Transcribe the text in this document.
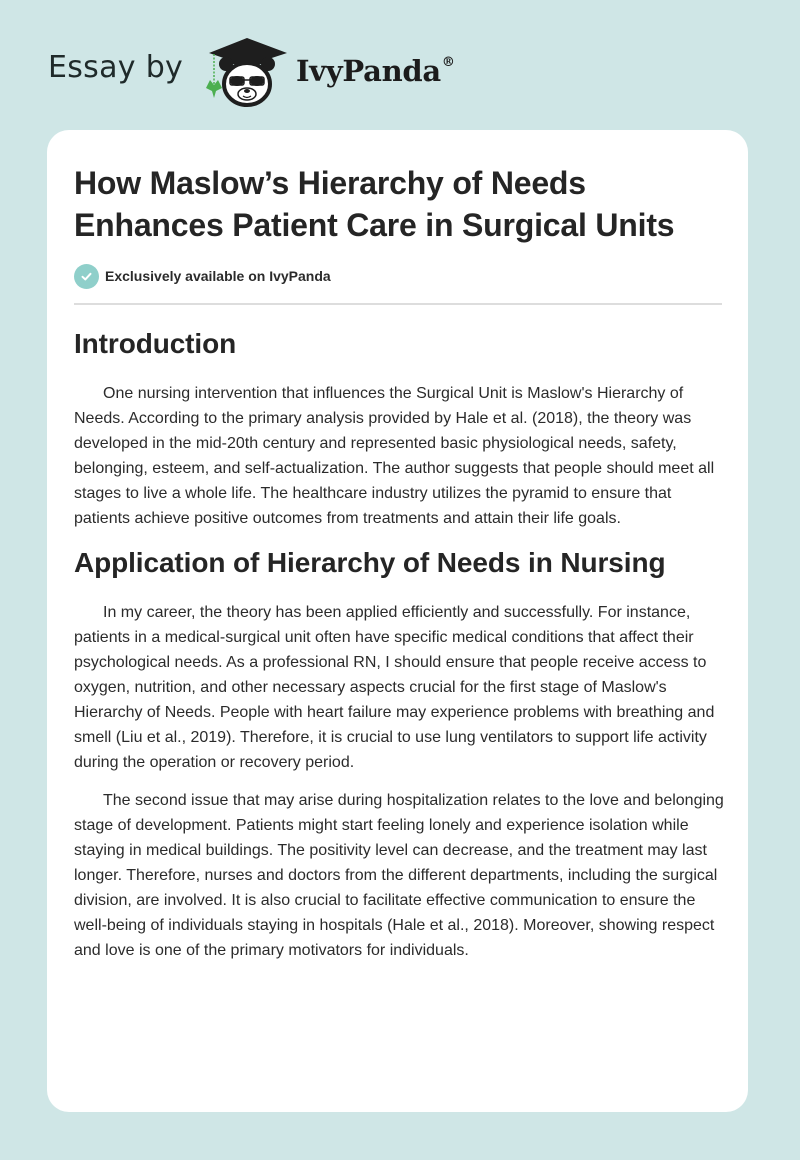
Essay by	IvyPanda®
How Maslow’s Hierarchy of Needs Enhances Patient Care in Surgical Units
Exclusively available on IvyPanda
Introduction

One nursing intervention that influences the Surgical Unit is Maslow's Hierarchy of Needs. According to the primary analysis provided by Hale et al. (2018), the theory was developed in the mid-20th century and represented basic physiological needs, safety, belonging, esteem, and self-actualization. The author suggests that people should meet all stages to live a whole life. The healthcare industry utilizes the pyramid to ensure that patients achieve positive outcomes from treatments and attain their life goals.

Application of Hierarchy of Needs in Nursing

In my career, the theory has been applied efficiently and successfully. For instance, patients in a medical-surgical unit often have specific medical conditions that affect their psychological needs. As a professional RN, I should ensure that people receive access to oxygen, nutrition, and other necessary aspects crucial for the first stage of Maslow's Hierarchy of Needs. People with heart failure may experience problems with breathing and smell (Liu et al., 2019). Therefore, it is crucial to use lung ventilators to support life activity during the operation or recovery period.

The second issue that may arise during hospitalization relates to the love and belonging stage of development. Patients might start feeling lonely and experience isolation while staying in medical buildings. The positivity level can decrease, and the treatment may last longer. Therefore, nurses and doctors from the different departments, including the surgical division, are involved. It is also crucial to facilitate effective communication to ensure the well-being of individuals staying in hospitals (Hale et al., 2018). Moreover, showing respect and love is one of the primary motivators for individuals.
